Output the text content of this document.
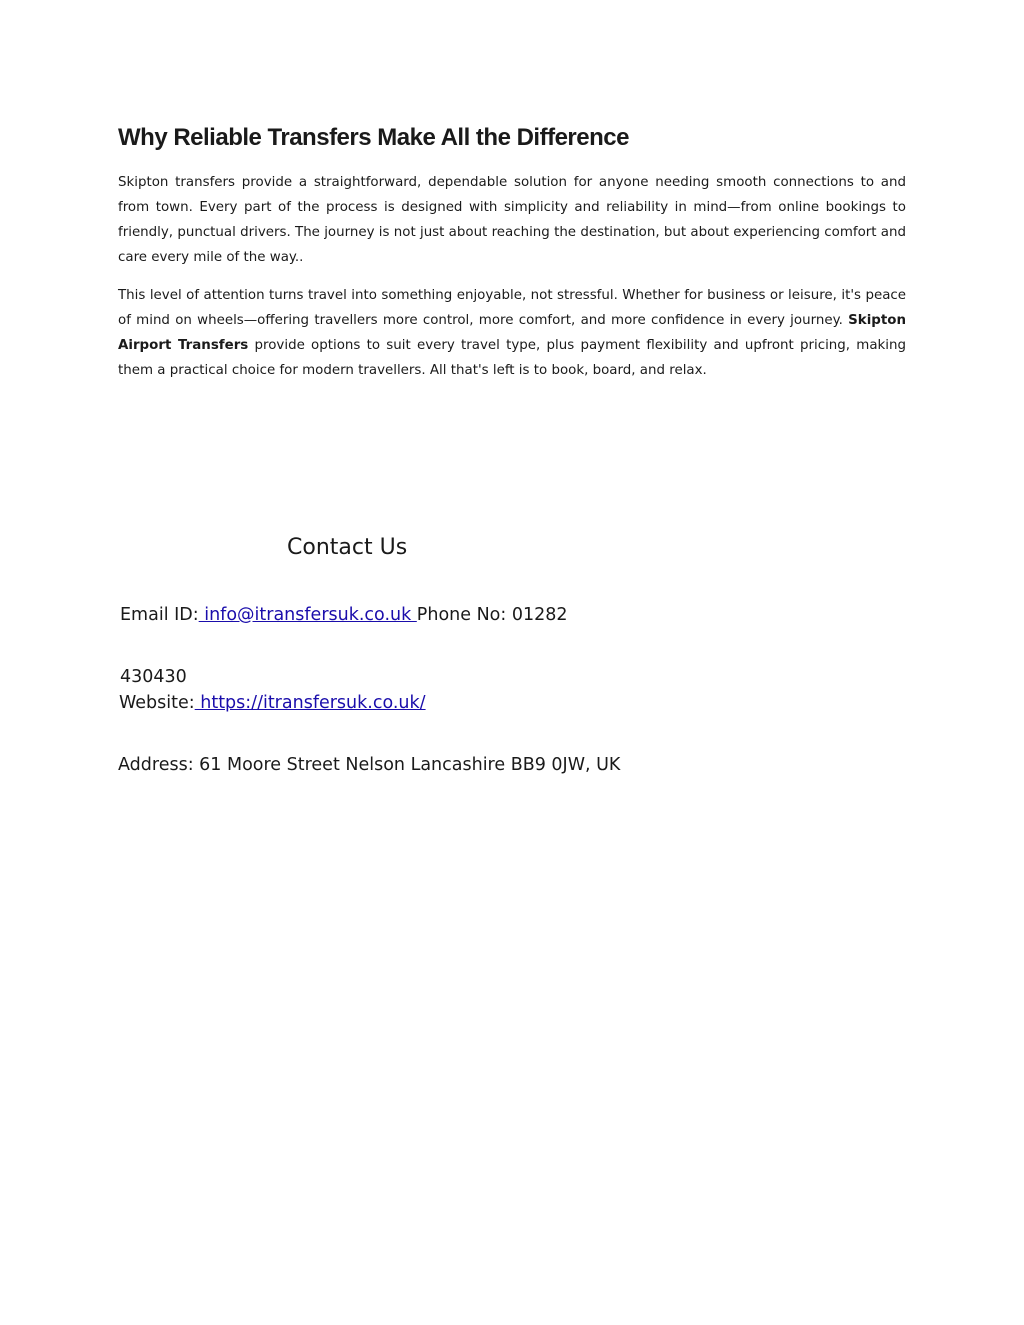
Why Reliable Transfers Make All the Difference

Skipton transfers provide a straightforward, dependable solution for anyone needing smooth connections to and from town. Every part of the process is designed with simplicity and reliability in mind—from online bookings to friendly, punctual drivers. The journey is not just about reaching the destination, but about experiencing comfort and care every mile of the way..

This level of attention turns travel into something enjoyable, not stressful. Whether for business or leisure, it's peace of mind on wheels—offering travellers more control, more comfort, and more confidence in every journey. Skipton Airport Transfers provide options to suit every travel type, plus payment flexibility and upfront pricing, making them a practical choice for modern travellers. All that's left is to book, board, and relax.

Contact Us
Email ID: info@itransfersuk.co.uk Phone No: 01282
430430
Website: https://itransfersuk.co.uk/
Address: 61 Moore Street Nelson Lancashire BB9 0JW, UK
